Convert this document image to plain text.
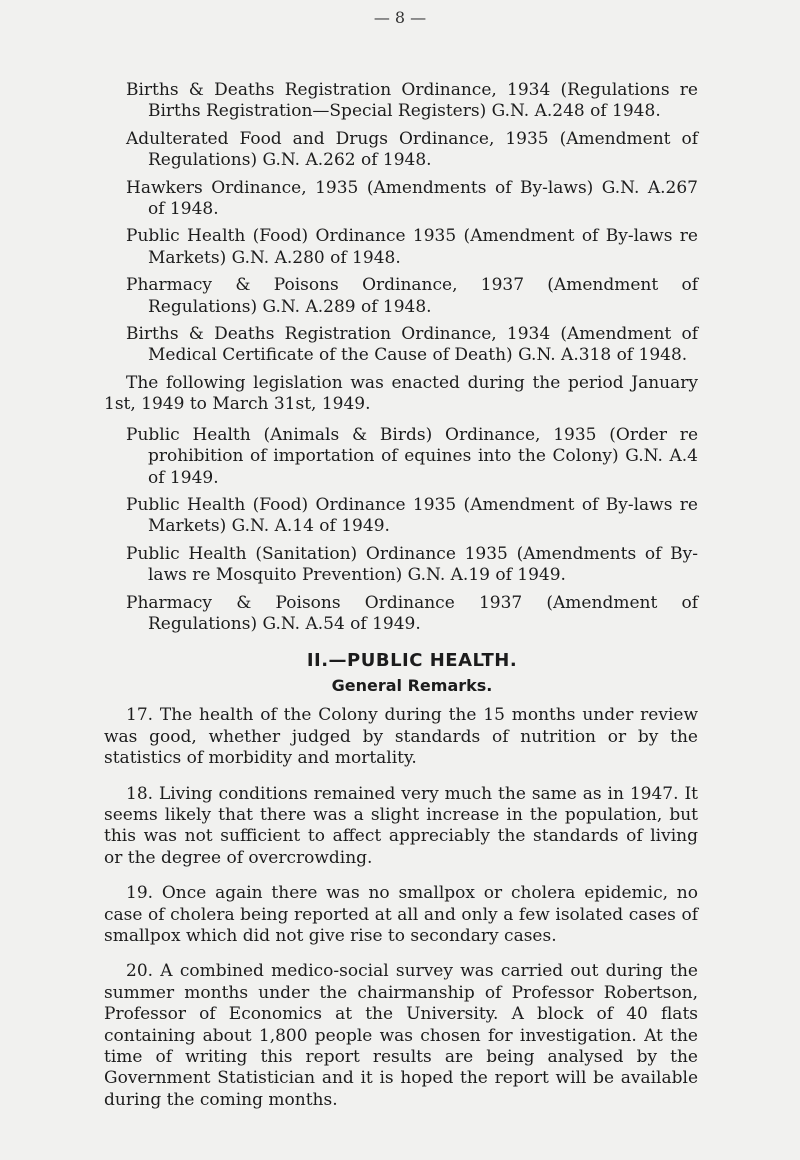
— 8 —

Births & Deaths Registration Ordinance, 1934 (Regulations re Births Registration—Special Registers) G.N. A.248 of 1948.

Adulterated Food and Drugs Ordinance, 1935 (Amendment of Regulations) G.N. A.262 of 1948.

Hawkers Ordinance, 1935 (Amendments of By-laws) G.N. A.267 of 1948.

Public Health (Food) Ordinance 1935 (Amendment of By-laws re Markets) G.N. A.280 of 1948.

Pharmacy & Poisons Ordinance, 1937 (Amendment of Regulations) G.N. A.289 of 1948.

Births & Deaths Registration Ordinance, 1934 (Amendment of Medical Certificate of the Cause of Death) G.N. A.318 of 1948.

The following legislation was enacted during the period January 1st, 1949 to March 31st, 1949.

Public Health (Animals & Birds) Ordinance, 1935 (Order re prohibition of importation of equines into the Colony) G.N. A.4 of 1949.

Public Health (Food) Ordinance 1935 (Amendment of By-laws re Markets) G.N. A.14 of 1949.

Public Health (Sanitation) Ordinance 1935 (Amendments of By-laws re Mosquito Prevention) G.N. A.19 of 1949.

Pharmacy & Poisons Ordinance 1937 (Amendment of Regulations) G.N. A.54 of 1949.

II.—PUBLIC HEALTH.
General Remarks.

17. The health of the Colony during the 15 months under review was good, whether judged by standards of nutrition or by the statistics of morbidity and mortality.

18. Living conditions remained very much the same as in 1947. It seems likely that there was a slight increase in the population, but this was not sufficient to affect appreciably the standards of living or the degree of overcrowding.

19. Once again there was no smallpox or cholera epidemic, no case of cholera being reported at all and only a few isolated cases of smallpox which did not give rise to secondary cases.

20. A combined medico-social survey was carried out during the summer months under the chairmanship of Professor Robertson, Professor of Economics at the University. A block of 40 flats containing about 1,800 people was chosen for investigation. At the time of writing this report results are being analysed by the Government Statistician and it is hoped the report will be available during the coming months.
